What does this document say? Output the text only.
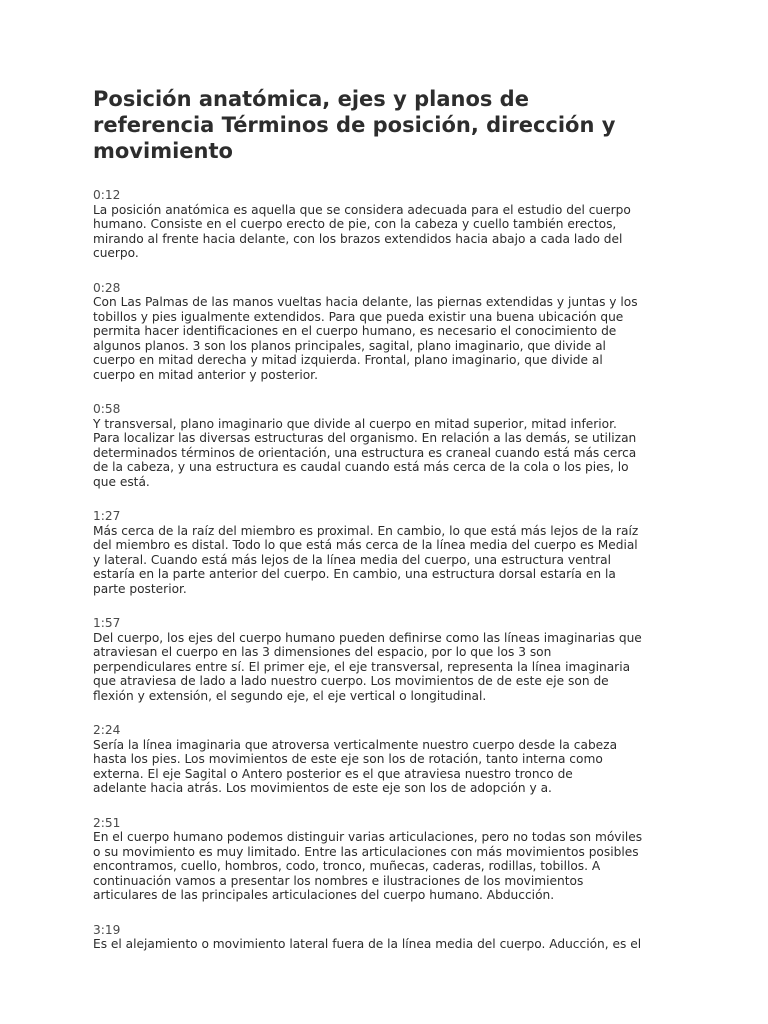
Posición anatómica, ejes y planos de
referencia Términos de posición, dirección y
movimiento
0:12
La posición anatómica es aquella que se considera adecuada para el estudio del cuerpo
humano. Consiste en el cuerpo erecto de pie, con la cabeza y cuello también erectos,
mirando al frente hacia delante, con los brazos extendidos hacia abajo a cada lado del
cuerpo.
0:28
Con Las Palmas de las manos vueltas hacia delante, las piernas extendidas y juntas y los
tobillos y pies igualmente extendidos. Para que pueda existir una buena ubicación que
permita hacer identificaciones en el cuerpo humano, es necesario el conocimiento de
algunos planos. 3 son los planos principales, sagital, plano imaginario, que divide al
cuerpo en mitad derecha y mitad izquierda. Frontal, plano imaginario, que divide al
cuerpo en mitad anterior y posterior.
0:58
Y transversal, plano imaginario que divide al cuerpo en mitad superior, mitad inferior.
Para localizar las diversas estructuras del organismo. En relación a las demás, se utilizan
determinados términos de orientación, una estructura es craneal cuando está más cerca
de la cabeza, y una estructura es caudal cuando está más cerca de la cola o los pies, lo
que está.
1:27
Más cerca de la raíz del miembro es proximal. En cambio, lo que está más lejos de la raíz
del miembro es distal. Todo lo que está más cerca de la línea media del cuerpo es Medial
y lateral. Cuando está más lejos de la línea media del cuerpo, una estructura ventral
estaría en la parte anterior del cuerpo. En cambio, una estructura dorsal estaría en la
parte posterior.
1:57
Del cuerpo, los ejes del cuerpo humano pueden definirse como las líneas imaginarias que
atraviesan el cuerpo en las 3 dimensiones del espacio, por lo que los 3 son
perpendiculares entre sí. El primer eje, el eje transversal, representa la línea imaginaria
que atraviesa de lado a lado nuestro cuerpo. Los movimientos de de este eje son de
flexión y extensión, el segundo eje, el eje vertical o longitudinal.
2:24
Sería la línea imaginaria que atroversa verticalmente nuestro cuerpo desde la cabeza
hasta los pies. Los movimientos de este eje son los de rotación, tanto interna como
externa. El eje Sagital o Antero posterior es el que atraviesa nuestro tronco de
adelante hacia atrás. Los movimientos de este eje son los de adopción y a.
2:51
En el cuerpo humano podemos distinguir varias articulaciones, pero no todas son móviles
o su movimiento es muy limitado. Entre las articulaciones con más movimientos posibles
encontramos, cuello, hombros, codo, tronco, muñecas, caderas, rodillas, tobillos. A
continuación vamos a presentar los nombres e ilustraciones de los movimientos
articulares de las principales articulaciones del cuerpo humano. Abducción.
3:19
Es el alejamiento o movimiento lateral fuera de la línea media del cuerpo. Aducción, es el
